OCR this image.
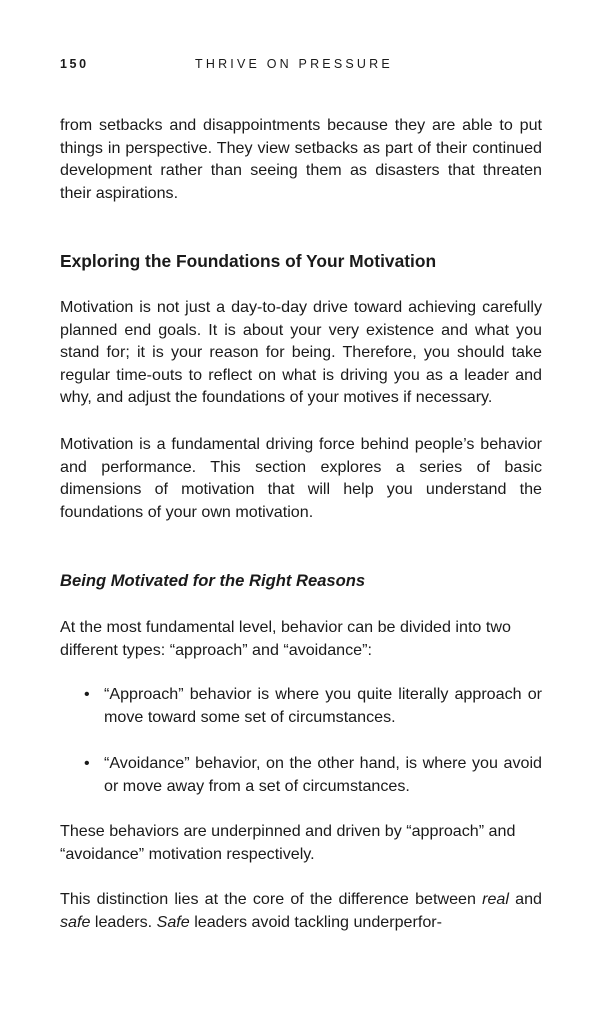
150	THRIVE ON PRESSURE

from setbacks and disappointments because they are able to put things in perspective. They view setbacks as part of their continued development rather than seeing them as disasters that threaten their aspirations.

Exploring the Foundations of Your Motivation

Motivation is not just a day-to-day drive toward achieving carefully planned end goals. It is about your very existence and what you stand for; it is your reason for being. Therefore, you should take regular time-outs to reflect on what is driving you as a leader and why, and adjust the foundations of your motives if necessary.

Motivation is a fundamental driving force behind people’s behavior and performance. This section explores a series of basic dimensions of motivation that will help you understand the foundations of your own motivation.

Being Motivated for the Right Reasons

At the most fundamental level, behavior can be divided into two different types: “approach” and “avoidance”:

• “Approach” behavior is where you quite literally approach or move toward some set of circumstances.
• “Avoidance” behavior, on the other hand, is where you avoid or move away from a set of circumstances.

These behaviors are underpinned and driven by “approach” and “avoidance” motivation respectively.

This distinction lies at the core of the difference between real and safe leaders. Safe leaders avoid tackling underperfor-
